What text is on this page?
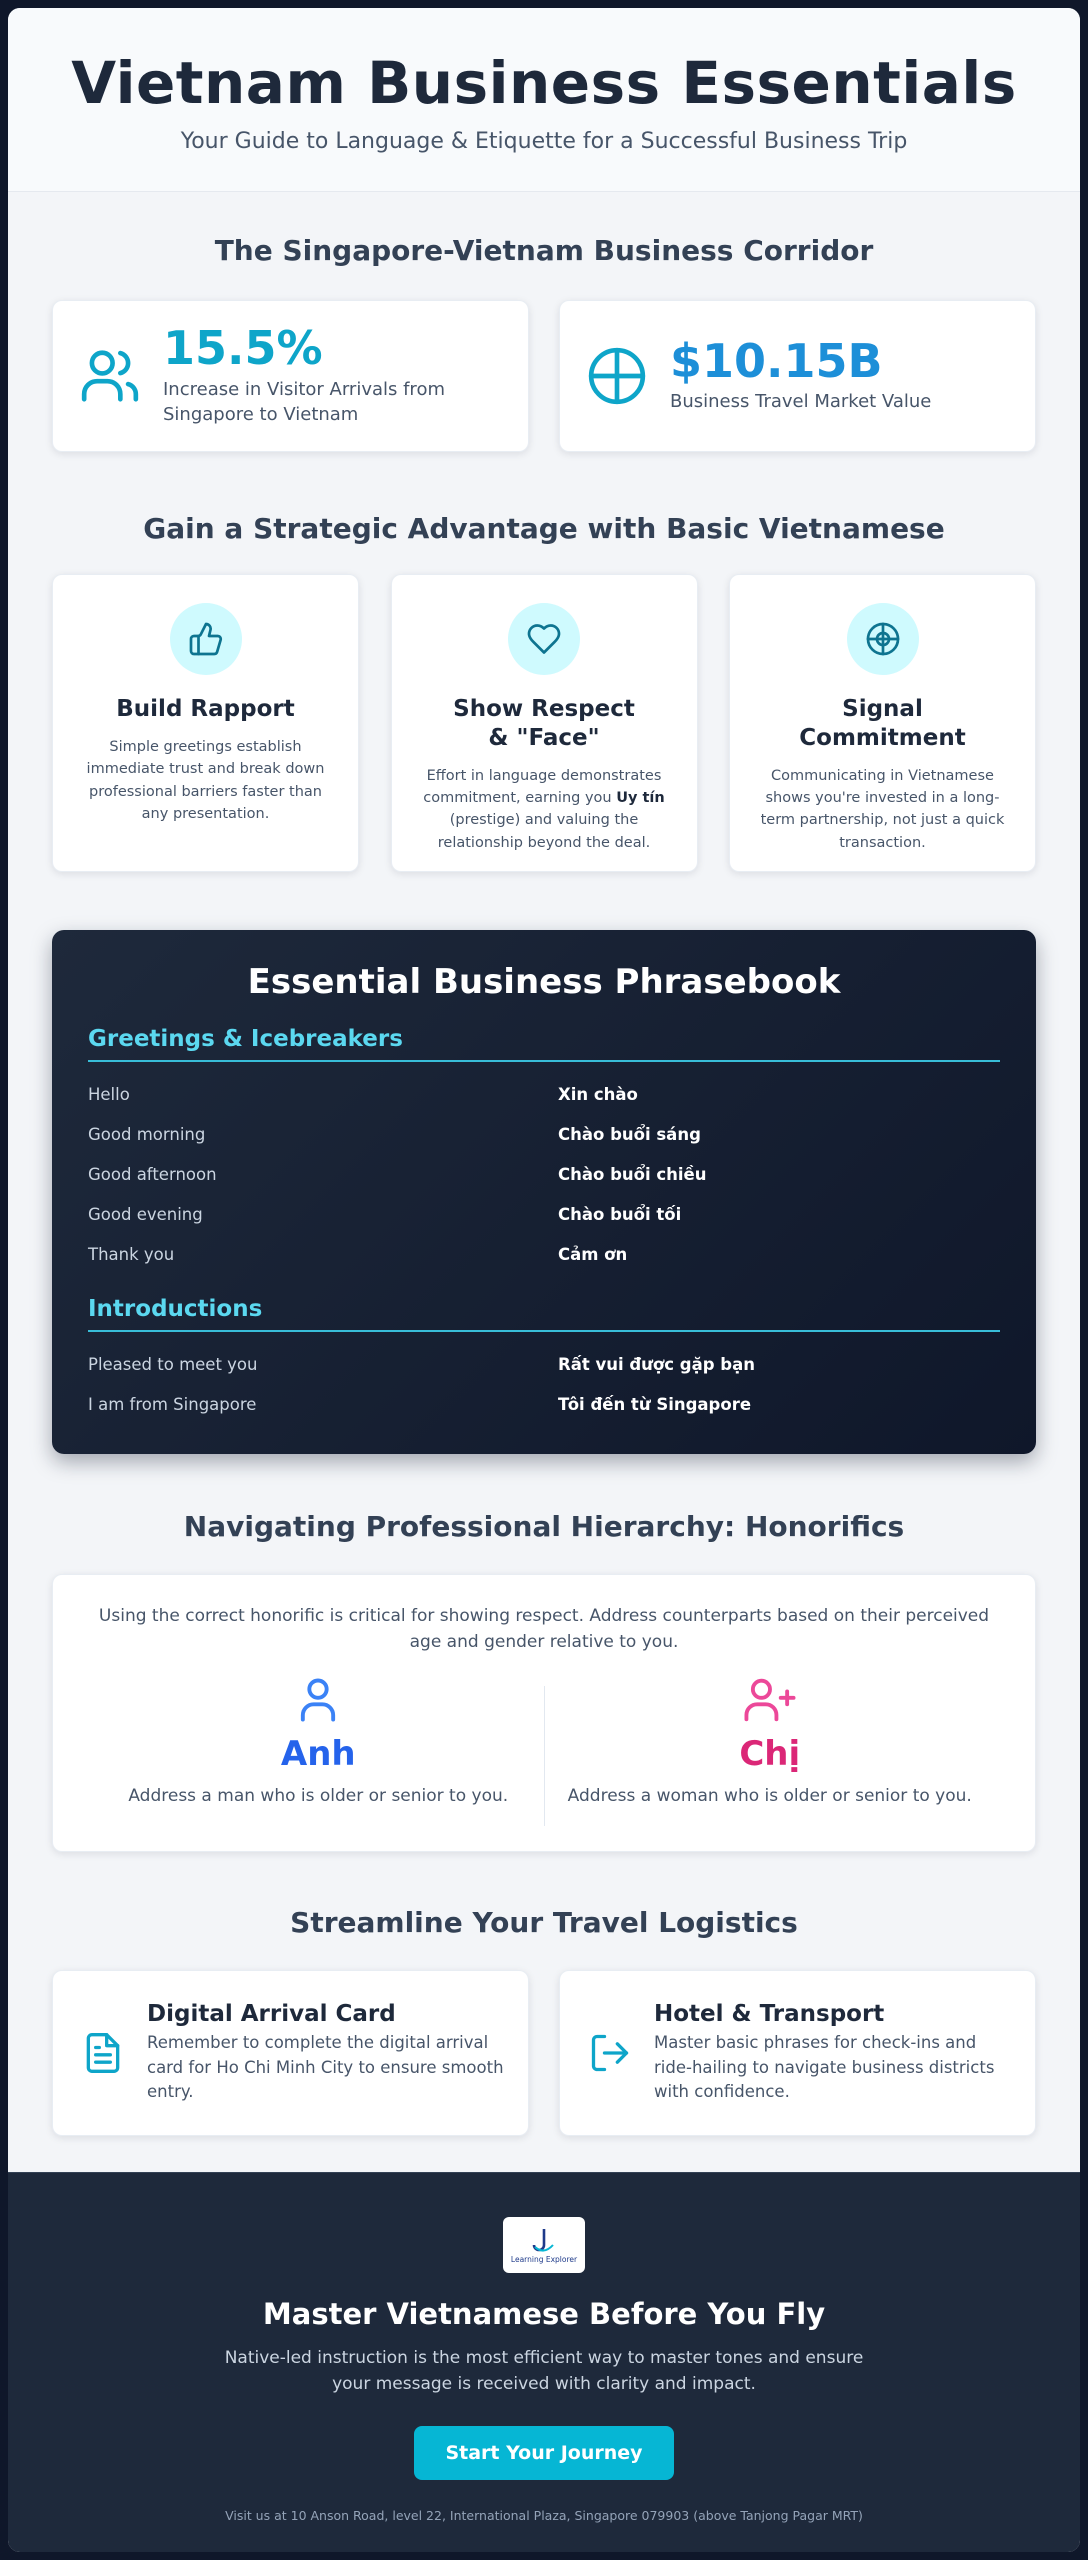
Vietnam Business Essentials

Your Guide to Language & Etiquette for a Successful Business Trip

The Singapore-Vietnam Business Corridor
15.5%
Increase in Visitor Arrivals from Singapore to Vietnam
$10.15B
Business Travel Market Value
Gain a Strategic Advantage with Basic Vietnamese
Build Rapport

Simple greetings establish immediate trust and break down professional barriers faster than any presentation.

Show Respect & "Face"

Effort in language demonstrates commitment, earning you Uy tín (prestige) and valuing the relationship beyond the deal.

Signal Commitment

Communicating in Vietnamese shows you're invested in a long-term partnership, not just a quick transaction.

Essential Business Phrasebook
Greetings & Icebreakers
Hello	Xin chào
Good morning	Chào buổi sáng
Good afternoon	Chào buổi chiều
Good evening	Chào buổi tối
Thank you	Cảm ơn
Introductions
Pleased to meet you	Rất vui được gặp bạn
I am from Singapore	Tôi đến từ Singapore
Navigating Professional Hierarchy: Honorifics

Using the correct honorific is critical for showing respect. Address counterparts based on their perceived age and gender relative to you.

Anh
Address a man who is older or senior to you.
Chị
Address a woman who is older or senior to you.
Streamline Your Travel Logistics
Digital Arrival Card

Remember to complete the digital arrival card for Ho Chi Minh City to ensure smooth entry.

Hotel & Transport

Master basic phrases for check-ins and ride-hailing to navigate business districts with confidence.

Learning Explorer
Master Vietnamese Before You Fly

Native-led instruction is the most efficient way to master tones and ensure your message is received with clarity and impact.

Start Your Journey

Visit us at 10 Anson Road, level 22, International Plaza, Singapore 079903 (above Tanjong Pagar MRT)
